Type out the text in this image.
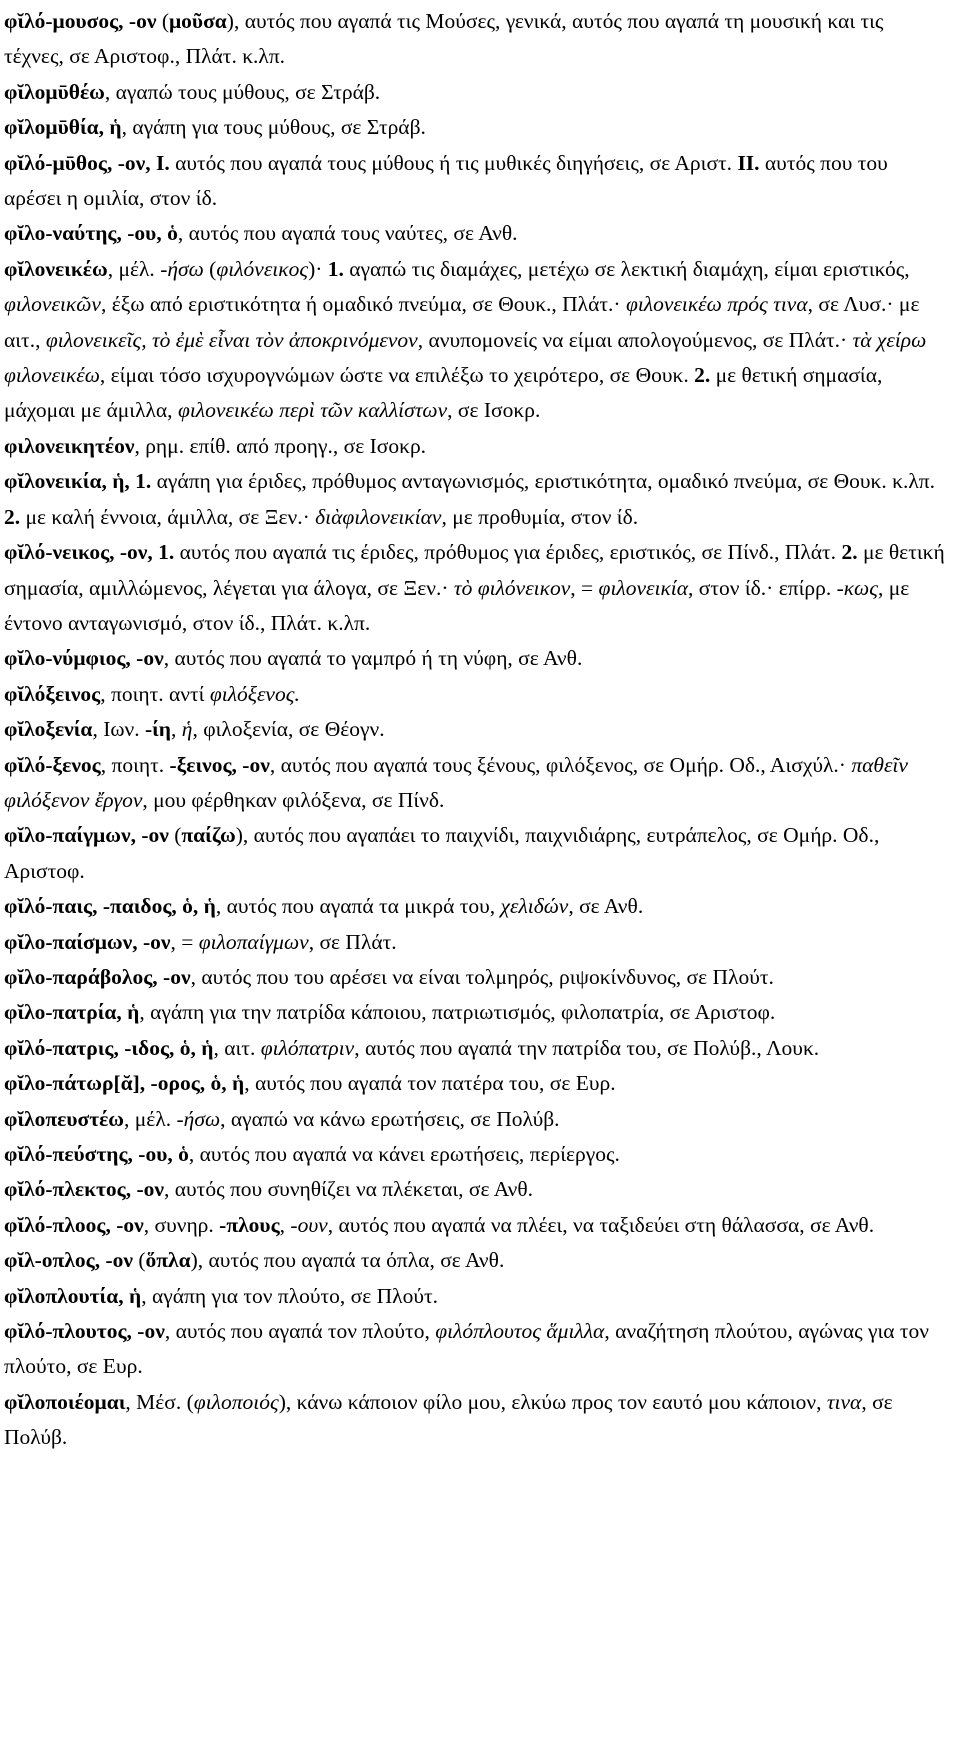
φῐλό-μουσος, -ον (μοῦσα), αυτός που αγαπά τις Μούσες, γενικά, αυτός που αγαπά τη μουσική και τις τέχνες, σε Αριστοφ., Πλάτ. κ.λπ.

φῐλομῡθέω, αγαπώ τους μύθους, σε Στράβ.

φῐλομῡθία, ἡ, αγάπη για τους μύθους, σε Στράβ.

φῐλό-μῡθος, -ον, I. αυτός που αγαπά τους μύθους ή τις μυθικές διηγήσεις, σε Αριστ. II. αυτός που του αρέσει η ομιλία, στον ίδ.

φῐλο-ναύτης, -ου, ὁ, αυτός που αγαπά τους ναύτες, σε Ανθ.

φῐλονεικέω, μέλ. -ήσω (φιλόνεικος)· 1. αγαπώ τις διαμάχες, μετέχω σε λεκτική διαμάχη, είμαι εριστικός, φιλονεικῶν, έξω από εριστικότητα ή ομαδικό πνεύμα, σε Θουκ., Πλάτ.· φιλονεικέω πρός τινα, σε Λυσ.· με αιτ., φιλονεικεῖς, τὸ ἐμὲ εἶναι τὸν ἀποκρινόμενον, ανυπομονείς να είμαι απολογούμενος, σε Πλάτ.· τὰ χείρω φιλονεικέω, είμαι τόσο ισχυρογνώμων ώστε να επιλέξω το χειρότερο, σε Θουκ. 2. με θετική σημασία, μάχομαι με άμιλλα, φιλονεικέω περὶ τῶν καλλίστων, σε Ισοκρ.

φιλονεικητέον, ρημ. επίθ. από προηγ., σε Ισοκρ.

φῐλονεικία, ἡ, 1. αγάπη για έριδες, πρόθυμος ανταγωνισμός, εριστικότητα, ομαδικό πνεύμα, σε Θουκ. κ.λπ. 2. με καλή έννοια, άμιλλα, σε Ξεν.· διὰφιλονεικίαν, με προθυμία, στον ίδ.

φῐλό-νεικος, -ον, 1. αυτός που αγαπά τις έριδες, πρόθυμος για έριδες, εριστικός, σε Πίνδ., Πλάτ. 2. με θετική σημασία, αμιλλώμενος, λέγεται για άλογα, σε Ξεν.· τὸ φιλόνεικον, = φιλονεικία, στον ίδ.· επίρρ. -κως, με έντονο ανταγωνισμό, στον ίδ., Πλάτ. κ.λπ.

φῐλο-νύμφιος, -ον, αυτός που αγαπά το γαμπρό ή τη νύφη, σε Ανθ.

φῐλόξεινος, ποιητ. αντί φιλόξενος.

φῐλοξενία, Ιων. -ίη, ἡ, φιλοξενία, σε Θέογν.

φῐλό-ξενος, ποιητ. -ξεινος, -ον, αυτός που αγαπά τους ξένους, φιλόξενος, σε Ομήρ. Οδ., Αισχύλ.· παθεῖν φιλόξενον ἔργον, μου φέρθηκαν φιλόξενα, σε Πίνδ.

φῐλο-παίγμων, -ον (παίζω), αυτός που αγαπάει το παιχνίδι, παιχνιδιάρης, ευτράπελος, σε Ομήρ. Οδ., Αριστοφ.

φῐλό-παις, -παιδος, ὁ, ἡ, αυτός που αγαπά τα μικρά του, χελιδών, σε Ανθ.

φῐλο-παίσμων, -ον, = φιλοπαίγμων, σε Πλάτ.

φῐλο-παράβολος, -ον, αυτός που του αρέσει να είναι τολμηρός, ριψοκίνδυνος, σε Πλούτ.

φῐλο-πατρία, ἡ, αγάπη για την πατρίδα κάποιου, πατριωτισμός, φιλοπατρία, σε Αριστοφ.

φῐλό-πατρις, -ιδος, ὁ, ἡ, αιτ. φιλόπατριν, αυτός που αγαπά την πατρίδα του, σε Πολύβ., Λουκ.

φῐλο-πάτωρ[ᾰ], -ορος, ὁ, ἡ, αυτός που αγαπά τον πατέρα του, σε Ευρ.

φῐλοπευστέω, μέλ. -ήσω, αγαπώ να κάνω ερωτήσεις, σε Πολύβ.

φῐλό-πεύστης, -ου, ὁ, αυτός που αγαπά να κάνει ερωτήσεις, περίεργος.

φῐλό-πλεκτος, -ον, αυτός που συνηθίζει να πλέκεται, σε Ανθ.

φῐλό-πλοος, -ον, συνηρ. -πλους, -ουν, αυτός που αγαπά να πλέει, να ταξιδεύει στη θάλασσα, σε Ανθ.

φῐλ-οπλος, -ον (ὅπλα), αυτός που αγαπά τα όπλα, σε Ανθ.

φῐλοπλουτία, ἡ, αγάπη για τον πλούτο, σε Πλούτ.

φῐλό-πλουτος, -ον, αυτός που αγαπά τον πλούτο, φιλόπλουτος ἅμιλλα, αναζήτηση πλούτου, αγώνας για τον πλούτο, σε Ευρ.

φῐλοποιέομαι, Μέσ. (φιλοποιός), κάνω κάποιον φίλο μου, ελκύω προς τον εαυτό μου κάποιον, τινα, σε Πολύβ.
